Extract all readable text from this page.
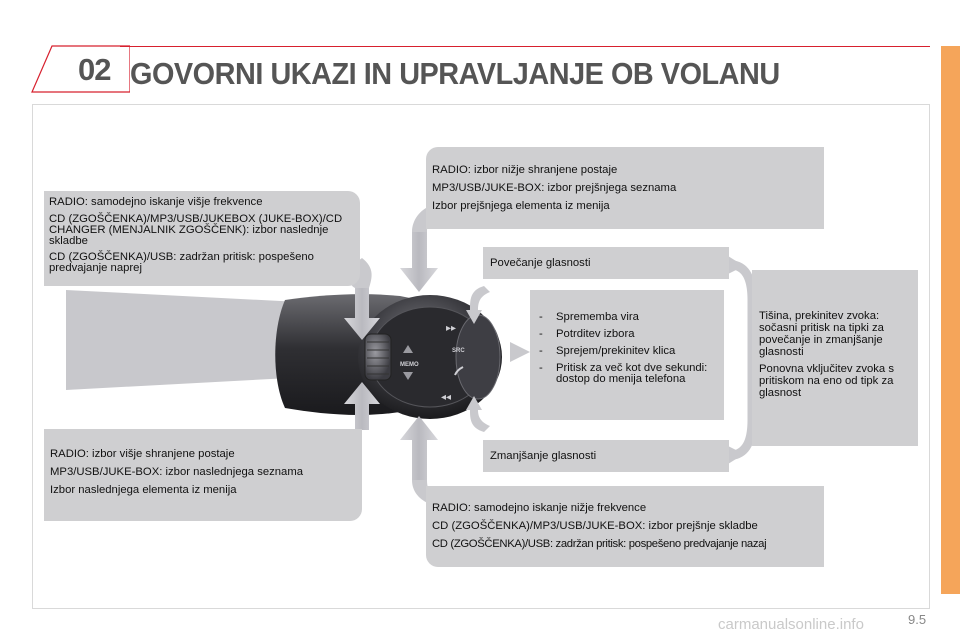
02 GOVORNI UKAZI IN UPRAVLJANJE OB VOLANU
MEMO
SRC
▸▸
◂◂

RADIO: samodejno iskanje višje frekvence

CD (ZGOŠČENKA)/MP3/USB/JUKEBOX (JUKE-BOX)/CD CHANGER (MENJALNIK ZGOŠČENK): izbor naslednje skladbe

CD (ZGOŠČENKA)/USB: zadržan pritisk: pospešeno predvajanje naprej

RADIO: izbor nižje shranjene postaje

MP3/USB/JUKE-BOX: izbor prejšnjega seznama

Izbor prejšnjega elementa iz menija

Povečanje glasnosti

Tišina, prekinitev zvoka: sočasni pritisk na tipki za povečanje in zmanjšanje glasnosti

Ponovna vključitev zvoka s pritiskom na eno od tipk za glasnost

- Sprememba vira
- Potrditev izbora
- Sprejem/prekinitev klica
- Pritisk za več kot dve sekundi: dostop do menija telefona
Zmanjšanje glasnosti

RADIO: izbor višje shranjene postaje

MP3/USB/JUKE-BOX: izbor naslednjega seznama

Izbor naslednjega elementa iz menija

RADIO: samodejno iskanje nižje frekvence

CD (ZGOŠČENKA)/MP3/USB/JUKE-BOX: izbor prejšnje skladbe

CD (ZGOŠČENKA)/USB: zadržan pritisk: pospešeno predvajanje nazaj

carmanualsonline.info	9.5
